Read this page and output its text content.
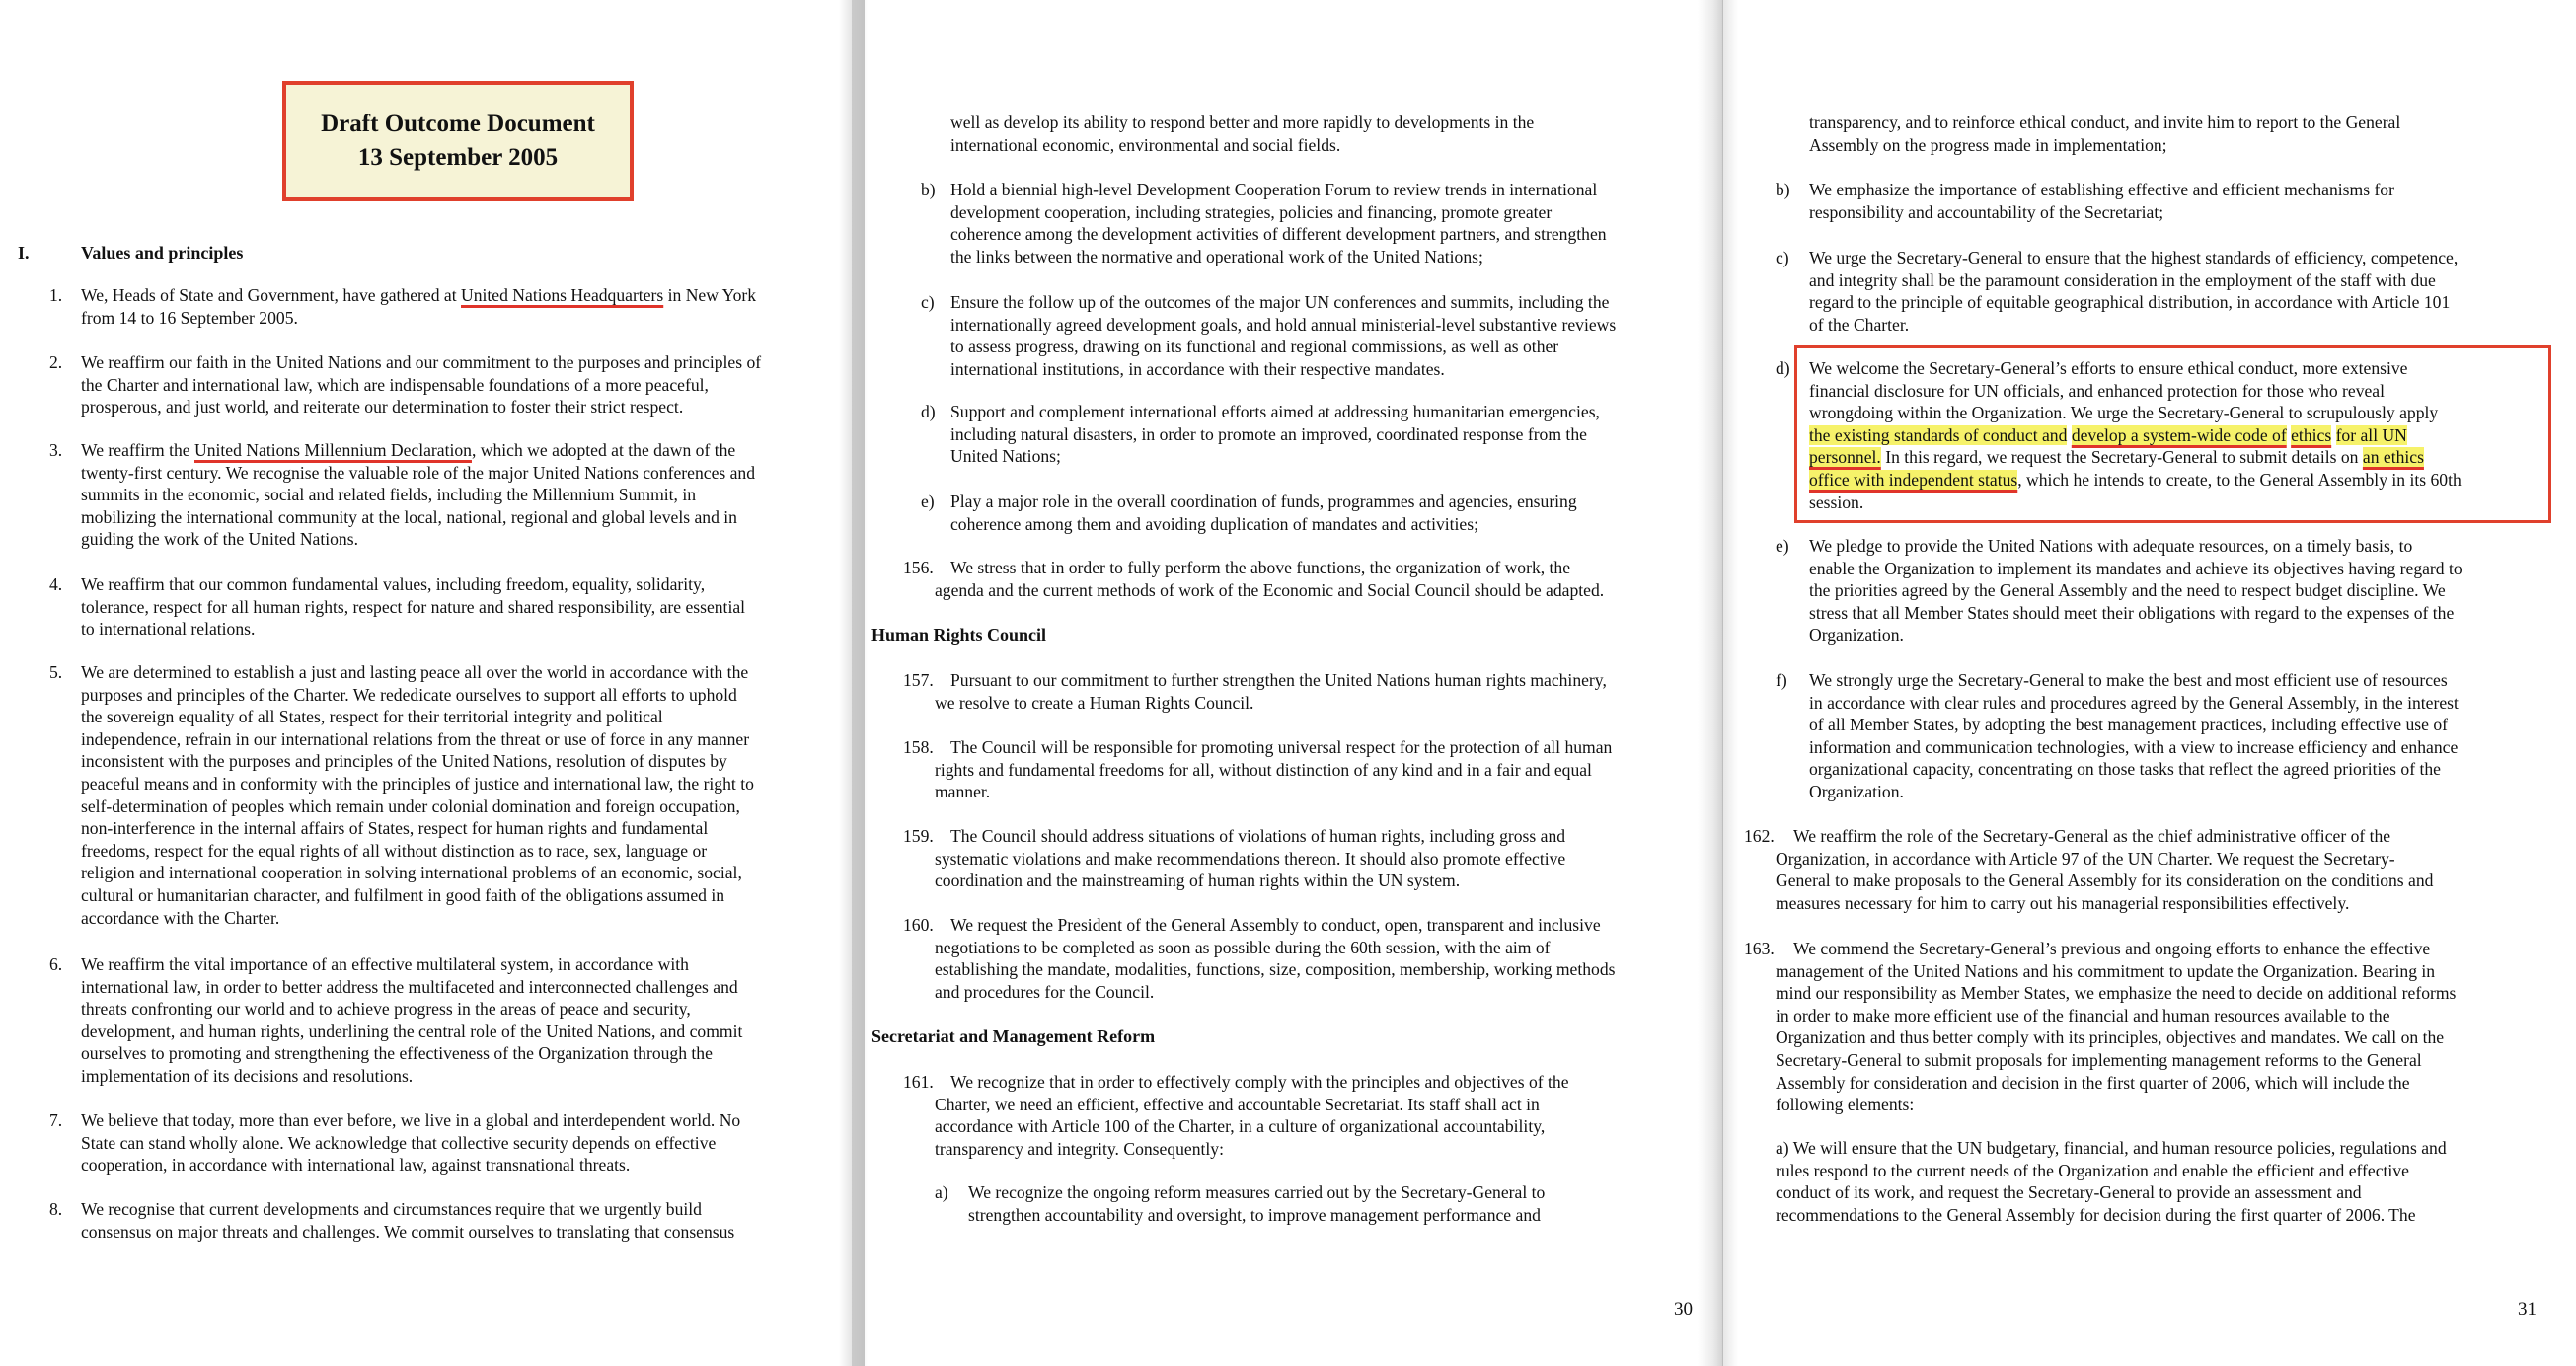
Draft Outcome Document
13 September 2005
I.	Values and principles
1. We, Heads of State and Government, have gathered at United Nations Headquarters in New York
from 14 to 16 September 2005.
2. We reaffirm our faith in the United Nations and our commitment to the purposes and principles of
the Charter and international law, which are indispensable foundations of a more peaceful,
prosperous, and just world, and reiterate our determination to foster their strict respect.
3. We reaffirm the United Nations Millennium Declaration, which we adopted at the dawn of the
twenty-first century. We recognise the valuable role of the major United Nations conferences and
summits in the economic, social and related fields, including the Millennium Summit, in
mobilizing the international community at the local, national, regional and global levels and in
guiding the work of the United Nations.
4. We reaffirm that our common fundamental values, including freedom, equality, solidarity,
tolerance, respect for all human rights, respect for nature and shared responsibility, are essential
to international relations.
5. We are determined to establish a just and lasting peace all over the world in accordance with the
purposes and principles of the Charter. We rededicate ourselves to support all efforts to uphold
the sovereign equality of all States, respect for their territorial integrity and political
independence, refrain in our international relations from the threat or use of force in any manner
inconsistent with the purposes and principles of the United Nations, resolution of disputes by
peaceful means and in conformity with the principles of justice and international law, the right to
self-determination of peoples which remain under colonial domination and foreign occupation,
non-interference in the internal affairs of States, respect for human rights and fundamental
freedoms, respect for the equal rights of all without distinction as to race, sex, language or
religion and international cooperation in solving international problems of an economic, social,
cultural or humanitarian character, and fulfilment in good faith of the obligations assumed in
accordance with the Charter.
6. We reaffirm the vital importance of an effective multilateral system, in accordance with
international law, in order to better address the multifaceted and interconnected challenges and
threats confronting our world and to achieve progress in the areas of peace and security,
development, and human rights, underlining the central role of the United Nations, and commit
ourselves to promoting and strengthening the effectiveness of the Organization through the
implementation of its decisions and resolutions.
7. We believe that today, more than ever before, we live in a global and interdependent world. No
State can stand wholly alone. We acknowledge that collective security depends on effective
cooperation, in accordance with international law, against transnational threats.
8. We recognise that current developments and circumstances require that we urgently build
consensus on major threats and challenges. We commit ourselves to translating that consensus
well as develop its ability to respond better and more rapidly to developments in the
international economic, environmental and social fields.
b) Hold a biennial high-level Development Cooperation Forum to review trends in international
development cooperation, including strategies, policies and financing, promote greater
coherence among the development activities of different development partners, and strengthen
the links between the normative and operational work of the United Nations;
c) Ensure the follow up of the outcomes of the major UN conferences and summits, including the
internationally agreed development goals, and hold annual ministerial-level substantive reviews
to assess progress, drawing on its functional and regional commissions, as well as other
international institutions, in accordance with their respective mandates.
d) Support and complement international efforts aimed at addressing humanitarian emergencies,
including natural disasters, in order to promote an improved, coordinated response from the
United Nations;
e) Play a major role in the overall coordination of funds, programmes and agencies, ensuring
coherence among them and avoiding duplication of mandates and activities;
156. We stress that in order to fully perform the above functions, the organization of work, the
agenda and the current methods of work of the Economic and Social Council should be adapted.
Human Rights Council
157. Pursuant to our commitment to further strengthen the United Nations human rights machinery,
we resolve to create a Human Rights Council.
158. The Council will be responsible for promoting universal respect for the protection of all human
rights and fundamental freedoms for all, without distinction of any kind and in a fair and equal
manner.
159. The Council should address situations of violations of human rights, including gross and
systematic violations and make recommendations thereon. It should also promote effective
coordination and the mainstreaming of human rights within the UN system.
160. We request the President of the General Assembly to conduct, open, transparent and inclusive
negotiations to be completed as soon as possible during the 60th session, with the aim of
establishing the mandate, modalities, functions, size, composition, membership, working methods
and procedures for the Council.
Secretariat and Management Reform
161. We recognize that in order to effectively comply with the principles and objectives of the
Charter, we need an efficient, effective and accountable Secretariat. Its staff shall act in
accordance with Article 100 of the Charter, in a culture of organizational accountability,
transparency and integrity. Consequently:
a) We recognize the ongoing reform measures carried out by the Secretary-General to
strengthen accountability and oversight, to improve management performance and
30
transparency, and to reinforce ethical conduct, and invite him to report to the General
Assembly on the progress made in implementation;
b) We emphasize the importance of establishing effective and efficient mechanisms for
responsibility and accountability of the Secretariat;
c) We urge the Secretary-General to ensure that the highest standards of efficiency, competence,
and integrity shall be the paramount consideration in the employment of the staff with due
regard to the principle of equitable geographical distribution, in accordance with Article 101
of the Charter.
d) We welcome the Secretary-General’s efforts to ensure ethical conduct, more extensive
financial disclosure for UN officials, and enhanced protection for those who reveal
wrongdoing within the Organization. We urge the Secretary-General to scrupulously apply
the existing standards of conduct and develop a system-wide code of ethics for all UN
personnel. In this regard, we request the Secretary-General to submit details on an ethics
office with independent status, which he intends to create, to the General Assembly in its 60th
session.
e) We pledge to provide the United Nations with adequate resources, on a timely basis, to
enable the Organization to implement its mandates and achieve its objectives having regard to
the priorities agreed by the General Assembly and the need to respect budget discipline. We
stress that all Member States should meet their obligations with regard to the expenses of the
Organization.
f) We strongly urge the Secretary-General to make the best and most efficient use of resources
in accordance with clear rules and procedures agreed by the General Assembly, in the interest
of all Member States, by adopting the best management practices, including effective use of
information and communication technologies, with a view to increase efficiency and enhance
organizational capacity, concentrating on those tasks that reflect the agreed priorities of the
Organization.
162. We reaffirm the role of the Secretary-General as the chief administrative officer of the
Organization, in accordance with Article 97 of the UN Charter. We request the Secretary-
General to make proposals to the General Assembly for its consideration on the conditions and
measures necessary for him to carry out his managerial responsibilities effectively.
163. We commend the Secretary-General’s previous and ongoing efforts to enhance the effective
management of the United Nations and his commitment to update the Organization. Bearing in
mind our responsibility as Member States, we emphasize the need to decide on additional reforms
in order to make more efficient use of the financial and human resources available to the
Organization and thus better comply with its principles, objectives and mandates. We call on the
Secretary-General to submit proposals for implementing management reforms to the General
Assembly for consideration and decision in the first quarter of 2006, which will include the
following elements:
a) We will ensure that the UN budgetary, financial, and human resource policies, regulations and
rules respond to the current needs of the Organization and enable the efficient and effective
conduct of its work, and request the Secretary-General to provide an assessment and
recommendations to the General Assembly for decision during the first quarter of 2006. The
31
